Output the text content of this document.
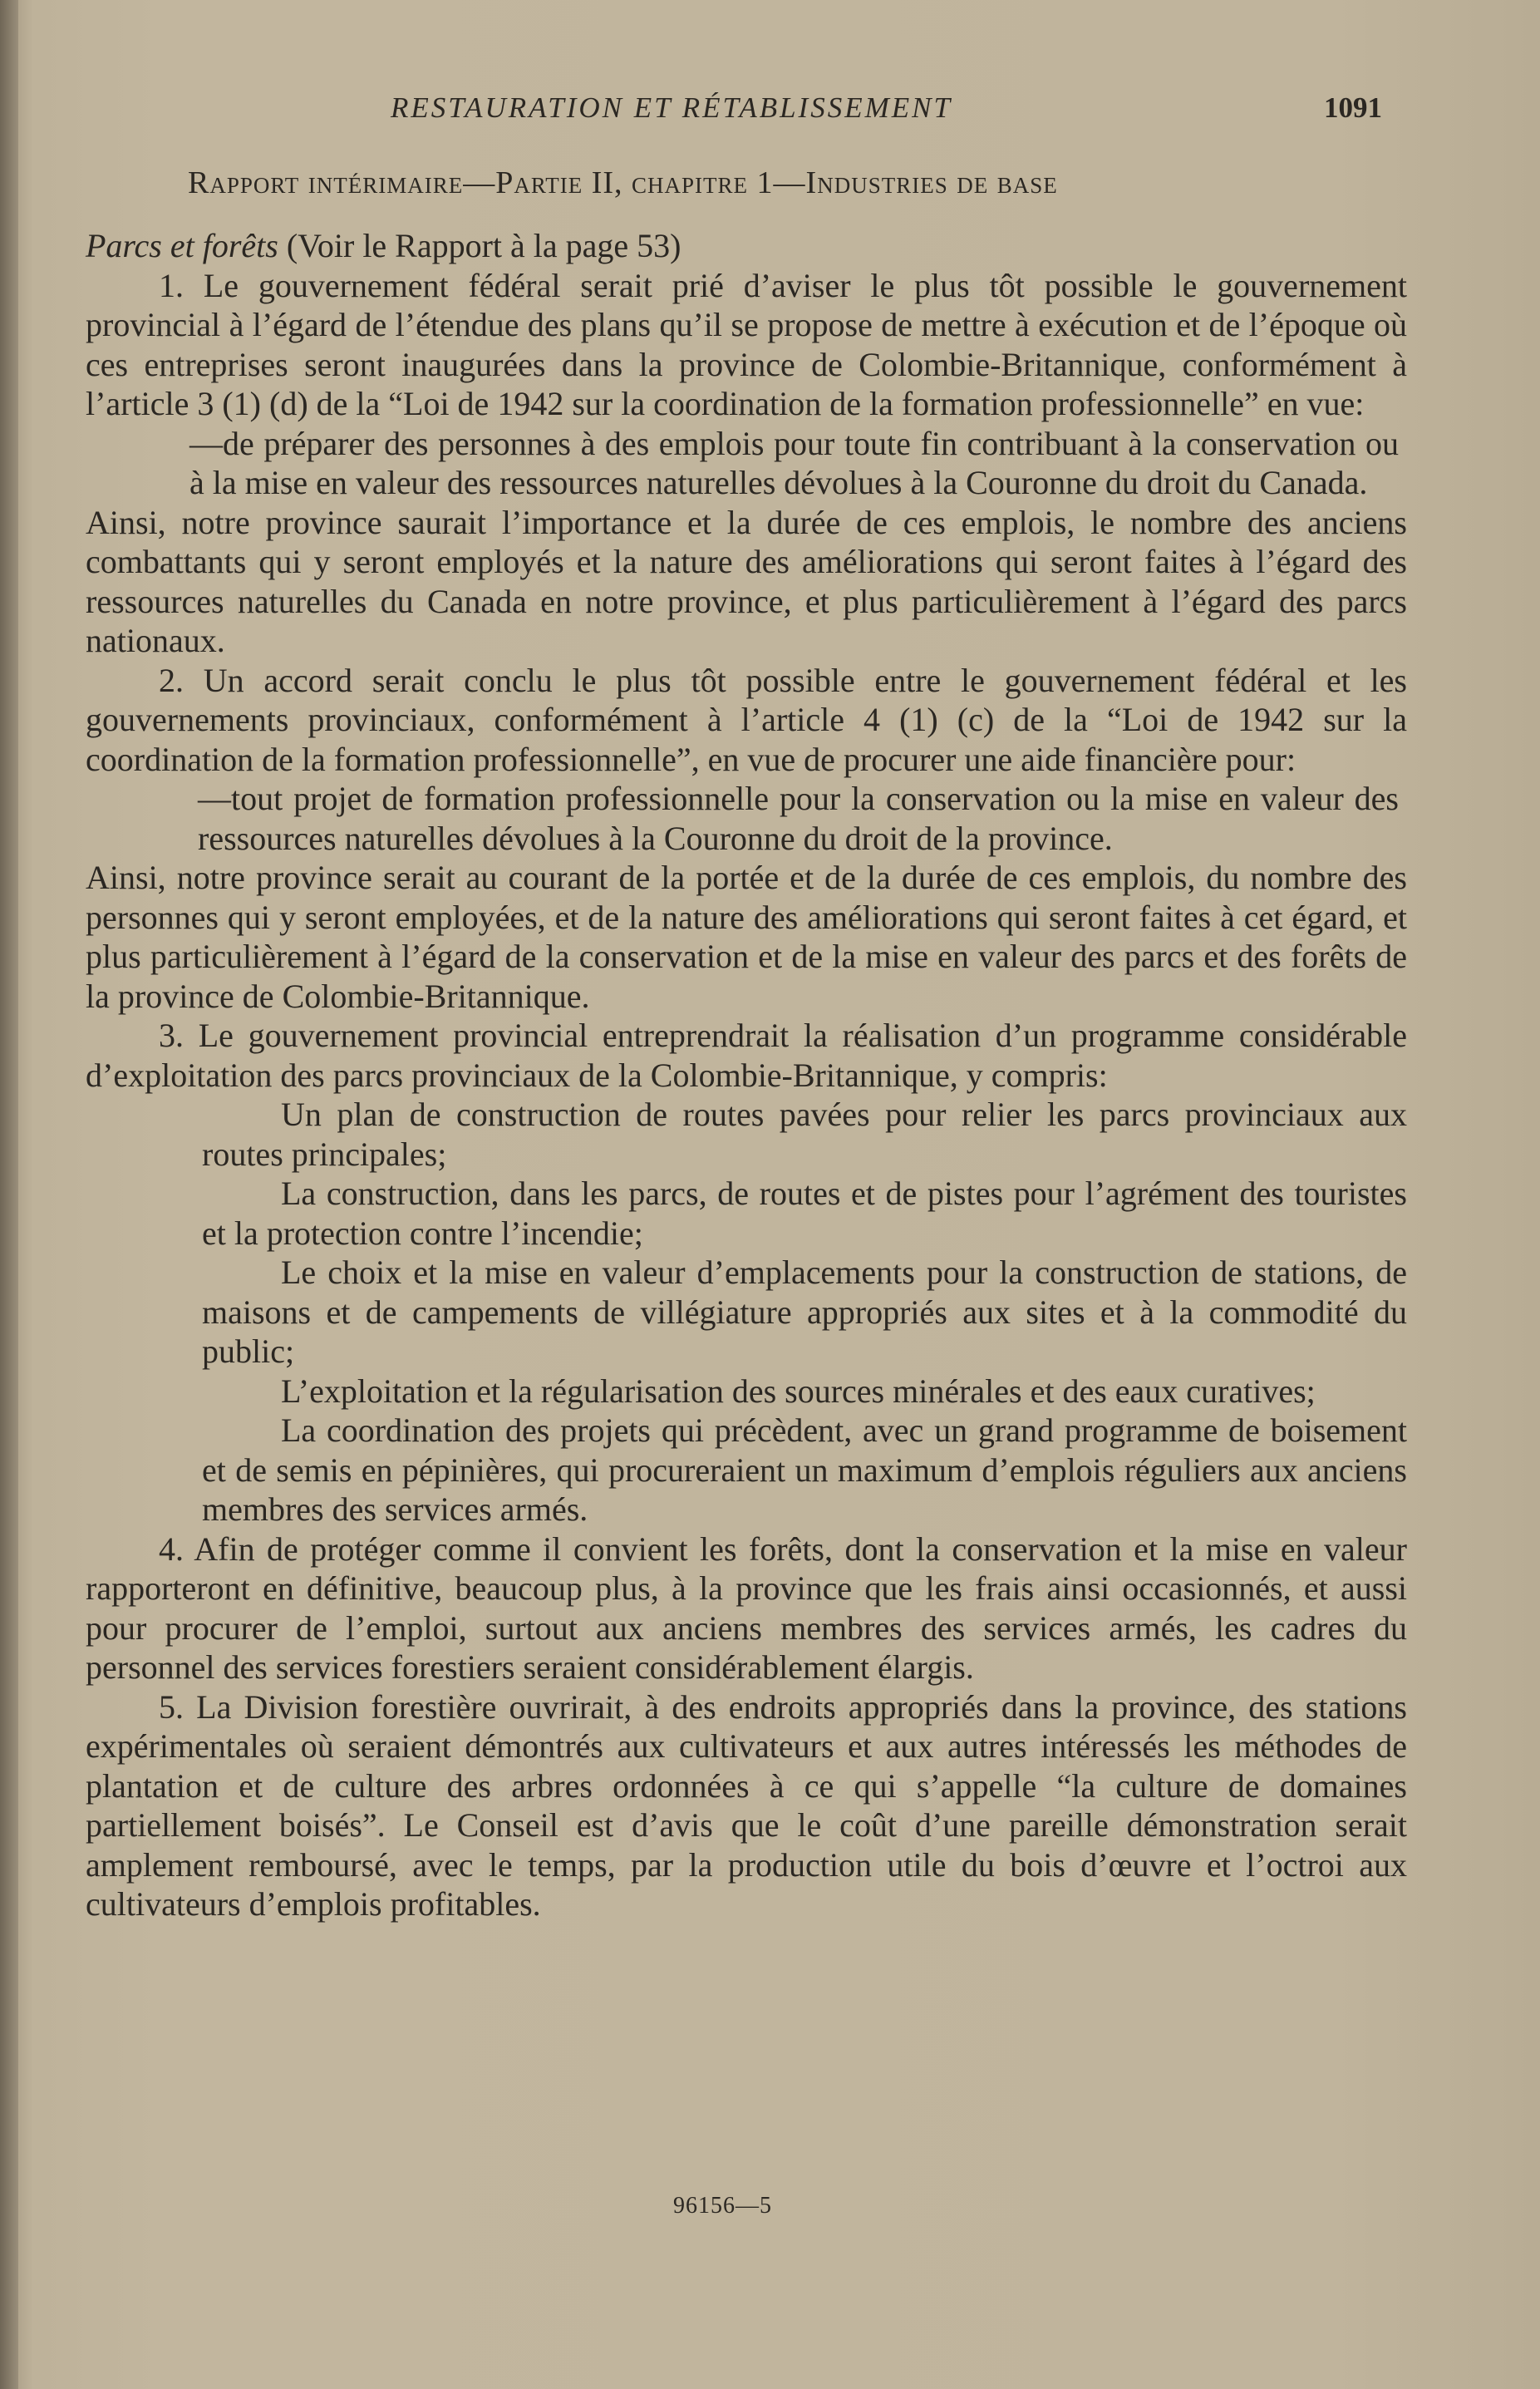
RESTAURATION ET RÉTABLISSEMENT	1091
Rapport intérimaire—Partie II, chapitre 1—Industries de base

Parcs et forêts (Voir le Rapport à la page 53)

1. Le gouvernement fédéral serait prié d’aviser le plus tôt possible le gouvernement provincial à l’égard de l’étendue des plans qu’il se propose de mettre à exécution et de l’époque où ces entreprises seront inaugurées dans la province de Colombie-Britannique, conformément à l’article 3 (1) (d) de la “Loi de 1942 sur la coordination de la formation professionnelle” en vue:

—de préparer des personnes à des emplois pour toute fin contribuant à la conservation ou à la mise en valeur des ressources naturelles dévolues à la Couronne du droit du Canada.

Ainsi, notre province saurait l’importance et la durée de ces emplois, le nombre des anciens combattants qui y seront employés et la nature des améliorations qui seront faites à l’égard des ressources naturelles du Canada en notre province, et plus particulièrement à l’égard des parcs nationaux.

2. Un accord serait conclu le plus tôt possible entre le gouvernement fédéral et les gouvernements provinciaux, conformément à l’article 4 (1) (c) de la “Loi de 1942 sur la coordination de la formation professionnelle”, en vue de procurer une aide financière pour:

—tout projet de formation professionnelle pour la conservation ou la mise en valeur des ressources naturelles dévolues à la Couronne du droit de la province.

Ainsi, notre province serait au courant de la portée et de la durée de ces emplois, du nombre des personnes qui y seront employées, et de la nature des améliorations qui seront faites à cet égard, et plus particulièrement à l’égard de la conservation et de la mise en valeur des parcs et des forêts de la province de Colombie-Britannique.

3. Le gouvernement provincial entreprendrait la réalisation d’un programme considérable d’exploitation des parcs provinciaux de la Colombie-Britannique, y compris:

Un plan de construction de routes pavées pour relier les parcs provinciaux aux routes principales;

La construction, dans les parcs, de routes et de pistes pour l’agrément des touristes et la protection contre l’incendie;

Le choix et la mise en valeur d’emplacements pour la construction de stations, de maisons et de campements de villégiature appropriés aux sites et à la commodité du public;

L’exploitation et la régularisation des sources minérales et des eaux curatives;

La coordination des projets qui précèdent, avec un grand programme de boisement et de semis en pépinières, qui procureraient un maximum d’emplois réguliers aux anciens membres des services armés.

4. Afin de protéger comme il convient les forêts, dont la conservation et la mise en valeur rapporteront en définitive, beaucoup plus, à la province que les frais ainsi occasionnés, et aussi pour procurer de l’emploi, surtout aux anciens membres des services armés, les cadres du personnel des services forestiers seraient considérablement élargis.

5. La Division forestière ouvrirait, à des endroits appropriés dans la province, des stations expérimentales où seraient démontrés aux cultivateurs et aux autres intéressés les méthodes de plantation et de culture des arbres ordonnées à ce qui s’appelle “la culture de domaines partiellement boisés”. Le Conseil est d’avis que le coût d’une pareille démonstration serait amplement remboursé, avec le temps, par la production utile du bois d’œuvre et l’octroi aux cultivateurs d’emplois profitables.

96156—5
